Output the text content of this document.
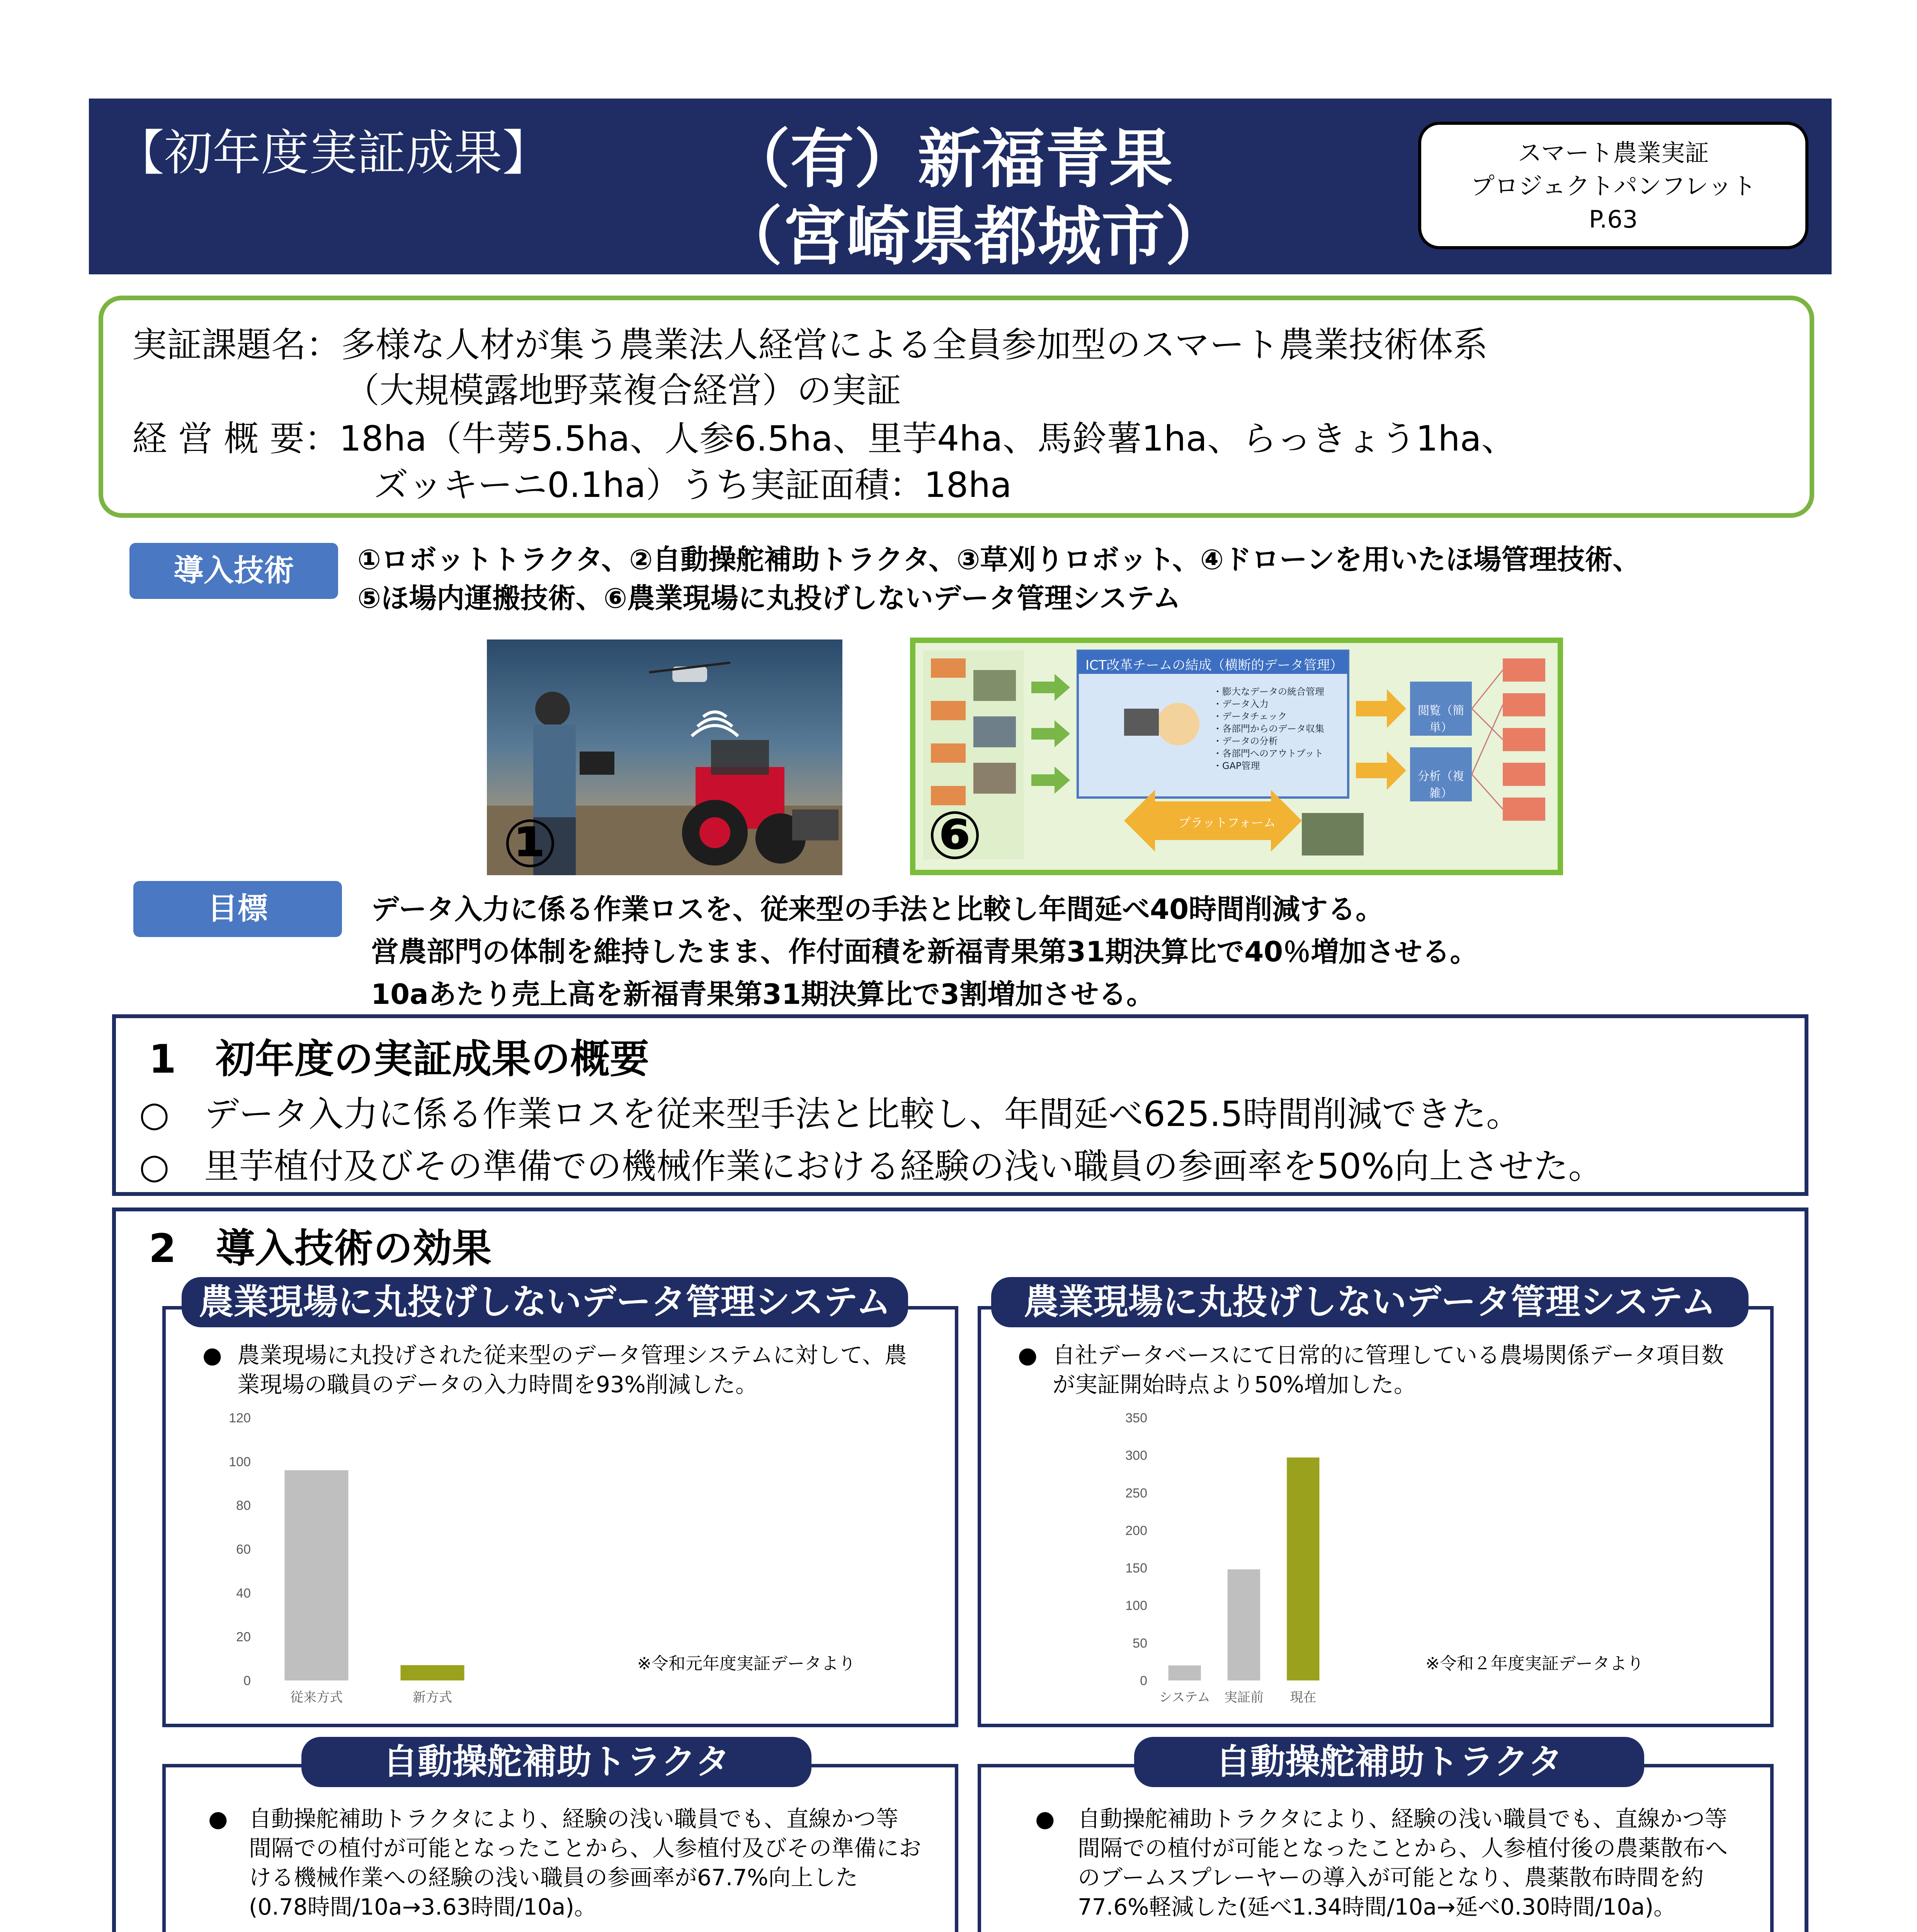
【初年度実証成果】	（有）新福青果
（宮崎県都城市）
スマート農業実証
プロジェクトパンフレット
P.63
実証課題名：多様な人材が集う農業法人経営による全員参加型のスマート農業技術体系
（大規模露地野菜複合経営）の実証
経 営 概 要：18ha（牛蒡5.5ha、人参6.5ha、里芋4ha、馬鈴薯1ha、らっきょう1ha、
ズッキーニ0.1ha）うち実証面積：18ha
導入技術	①ロボットトラクタ、②自動操舵補助トラクタ、③草刈りロボット、④ドローンを用いたほ場管理技術、
⑤ほ場内運搬技術、⑥農業現場に丸投げしないデータ管理システム
①
ICT改革チームの結成（横断的データ管理）
・膨大なデータの統合管理
・データ入力
・データチェック
・各部門からのデータ収集
・データの分析
・各部門へのアウトプット
・GAP管理
プラットフォーム
閲覧（簡単）
分析（複雑）
⑥
目標	データ入力に係る作業ロスを、従来型の手法と比較し年間延べ40時間削減する。
営農部門の体制を維持したまま、作付面積を新福青果第31期決算比で40％増加させる。
10aあたり売上高を新福青果第31期決算比で3割増加させる。
1　初年度の実証成果の概要
○　データ入力に係る作業ロスを従来型手法と比較し、年間延べ625.5時間削減できた。
○　里芋植付及びその準備での機械作業における経験の浅い職員の参画率を50%向上させた。
2　導入技術の効果
● 農業現場に丸投げされた従来型のデータ管理システムに対して、農
業現場の職員のデータの入力時間を93%削減した。
0
20
40
60
80
100
120
従来方式	新方式
※令和元年度実証データより
農業現場に丸投げしないデータ管理システム
● 自社データベースにて日常的に管理している農場関係データ項目数
が実証開始時点より50%増加した。
0
50
100
150
200
250
300
350
システム 実証前 現在
※令和２年度実証データより
農業現場に丸投げしないデータ管理システム
● 自動操舵補助トラクタにより、経験の浅い職員でも、直線かつ等
間隔での植付が可能となったことから、人参植付及びその準備にお
ける機械作業への経験の浅い職員の参画率が67.7%向上した
(0.78時間/10a→3.63時間/10a)。
自動操舵補助トラクタ
● 自動操舵補助トラクタにより、経験の浅い職員でも、直線かつ等
間隔での植付が可能となったことから、人参植付後の農薬散布へ
のブームスプレーヤーの導入が可能となり、農薬散布時間を約
77.6%軽減した(延べ1.34時間/10a→延べ0.30時間/10a)。
自動操舵補助トラクタ
